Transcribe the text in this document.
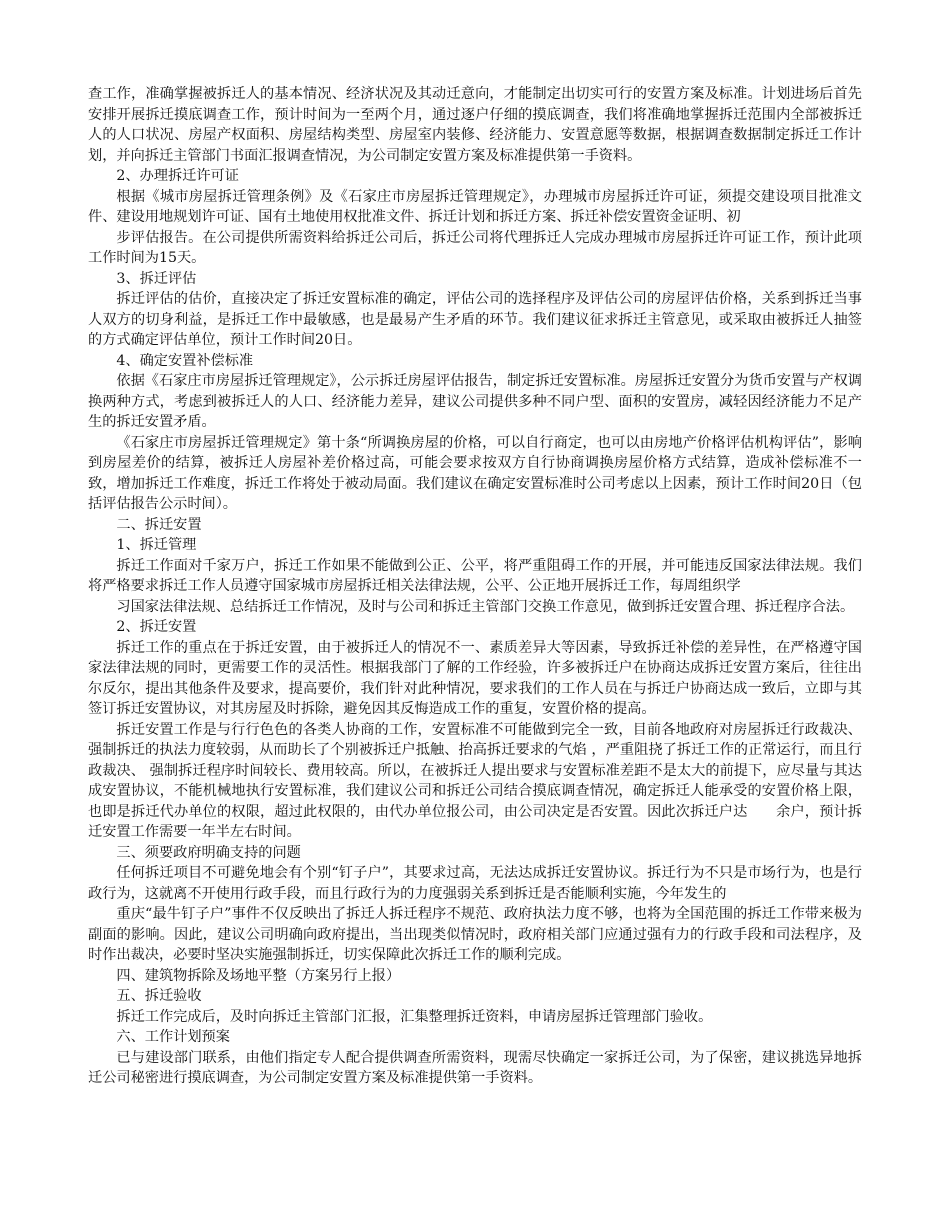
查工作，准确掌握被拆迁人的基本情况、经济状况及其动迁意向，才能制定出切实可行的安置方案及标准。计划进场后首先安排开展拆迁摸底调查工作，预计时间为一至两个月，通过逐户仔细的摸底调查，我们将准确地掌握拆迁范围内全部被拆迁人的人口状况、房屋产权面积、房屋结构类型、房屋室内装修、经济能力、安置意愿等数据，根据调查数据制定拆迁工作计划，并向拆迁主管部门书面汇报调查情况，为公司制定安置方案及标准提供第一手资料。

2、办理拆迁许可证

根据《城市房屋拆迁管理条例》及《石家庄市房屋拆迁管理规定》，办理城市房屋拆迁许可证，须提交建设项目批准文件、建设用地规划许可证、国有土地使用权批准文件、拆迁计划和拆迁方案、拆迁补偿安置资金证明、初

步评估报告。在公司提供所需资料给拆迁公司后，拆迁公司将代理拆迁人完成办理城市房屋拆迁许可证工作，预计此项工作时间为15天。

3、拆迁评估

拆迁评估的估价，直接决定了拆迁安置标准的确定，评估公司的选择程序及评估公司的房屋评估价格，关系到拆迁当事人双方的切身利益，是拆迁工作中最敏感，也是最易产生矛盾的环节。我们建议征求拆迁主管意见，或采取由被拆迁人抽签的方式确定评估单位，预计工作时间20日。

4、确定安置补偿标准

依据《石家庄市房屋拆迁管理规定》，公示拆迁房屋评估报告，制定拆迁安置标准。房屋拆迁安置分为货币安置与产权调换两种方式，考虑到被拆迁人的人口、经济能力差异，建议公司提供多种不同户型、面积的安置房，减轻因经济能力不足产生的拆迁安置矛盾。

《石家庄市房屋拆迁管理规定》第十条“所调换房屋的价格，可以自行商定，也可以由房地产价格评估机构评估”，影响到房屋差价的结算，被拆迁人房屋补差价格过高，可能会要求按双方自行协商调换房屋价格方式结算，造成补偿标准不一致，增加拆迁工作难度，拆迁工作将处于被动局面。我们建议在确定安置标准时公司考虑以上因素，预计工作时间20日（包括评估报告公示时间）。

二、拆迁安置

1、拆迁管理

拆迁工作面对千家万户，拆迁工作如果不能做到公正、公平，将严重阻碍工作的开展，并可能违反国家法律法规。我们将严格要求拆迁工作人员遵守国家城市房屋拆迁相关法律法规，公平、公正地开展拆迁工作，每周组织学

习国家法律法规、总结拆迁工作情况，及时与公司和拆迁主管部门交换工作意见，做到拆迁安置合理、拆迁程序合法。

2、拆迁安置

拆迁工作的重点在于拆迁安置，由于被拆迁人的情况不一、素质差异大等因素，导致拆迁补偿的差异性，在严格遵守国家法律法规的同时，更需要工作的灵活性。根据我部门了解的工作经验，许多被拆迁户在协商达成拆迁安置方案后，往往出尔反尔，提出其他条件及要求，提高要价，我们针对此种情况，要求我们的工作人员在与拆迁户协商达成一致后，立即与其签订拆迁安置协议，对其房屋及时拆除，避免因其反悔造成工作的重复，安置价格的提高。

拆迁安置工作是与行行色色的各类人协商的工作，安置标准不可能做到完全一致，目前各地政府对房屋拆迁行政裁决、强制拆迁的执法力度较弱，从而助长了个别被拆迁户抵触、抬高拆迁要求的气焰 ，严重阻挠了拆迁工作的正常运行，而且行政裁决、 强制拆迁程序时间较长、费用较高。所以，在被拆迁人提出要求与安置标准差距不是太大的前提下，应尽量与其达成安置协议，不能机械地执行安置标准，我们建议公司和拆迁公司结合摸底调查情况，确定拆迁人能承受的安置价格上限，也即是拆迁代办单位的权限，超过此权限的，由代办单位报公司，由公司决定是否安置。因此次拆迁户达　　余户，预计拆迁安置工作需要一年半左右时间。

三、须要政府明确支持的问题

任何拆迁项目不可避免地会有个别“钉子户”，其要求过高，无法达成拆迁安置协议。拆迁行为不只是市场行为，也是行政行为，这就离不开使用行政手段，而且行政行为的力度强弱关系到拆迁是否能顺利实施，今年发生的

重庆“最牛钉子户”事件不仅反映出了拆迁人拆迁程序不规范、政府执法力度不够，也将为全国范围的拆迁工作带来极为副面的影响。因此，建议公司明确向政府提出，当出现类似情况时，政府相关部门应通过强有力的行政手段和司法程序，及时作出裁决，必要时坚决实施强制拆迁，切实保障此次拆迁工作的顺利完成。

四、建筑物拆除及场地平整（方案另行上报）

五、拆迁验收

拆迁工作完成后，及时向拆迁主管部门汇报，汇集整理拆迁资料，申请房屋拆迁管理部门验收。

六、工作计划预案

已与建设部门联系，由他们指定专人配合提供调查所需资料，现需尽快确定一家拆迁公司，为了保密，建议挑选异地拆迁公司秘密进行摸底调查，为公司制定安置方案及标准提供第一手资料。
